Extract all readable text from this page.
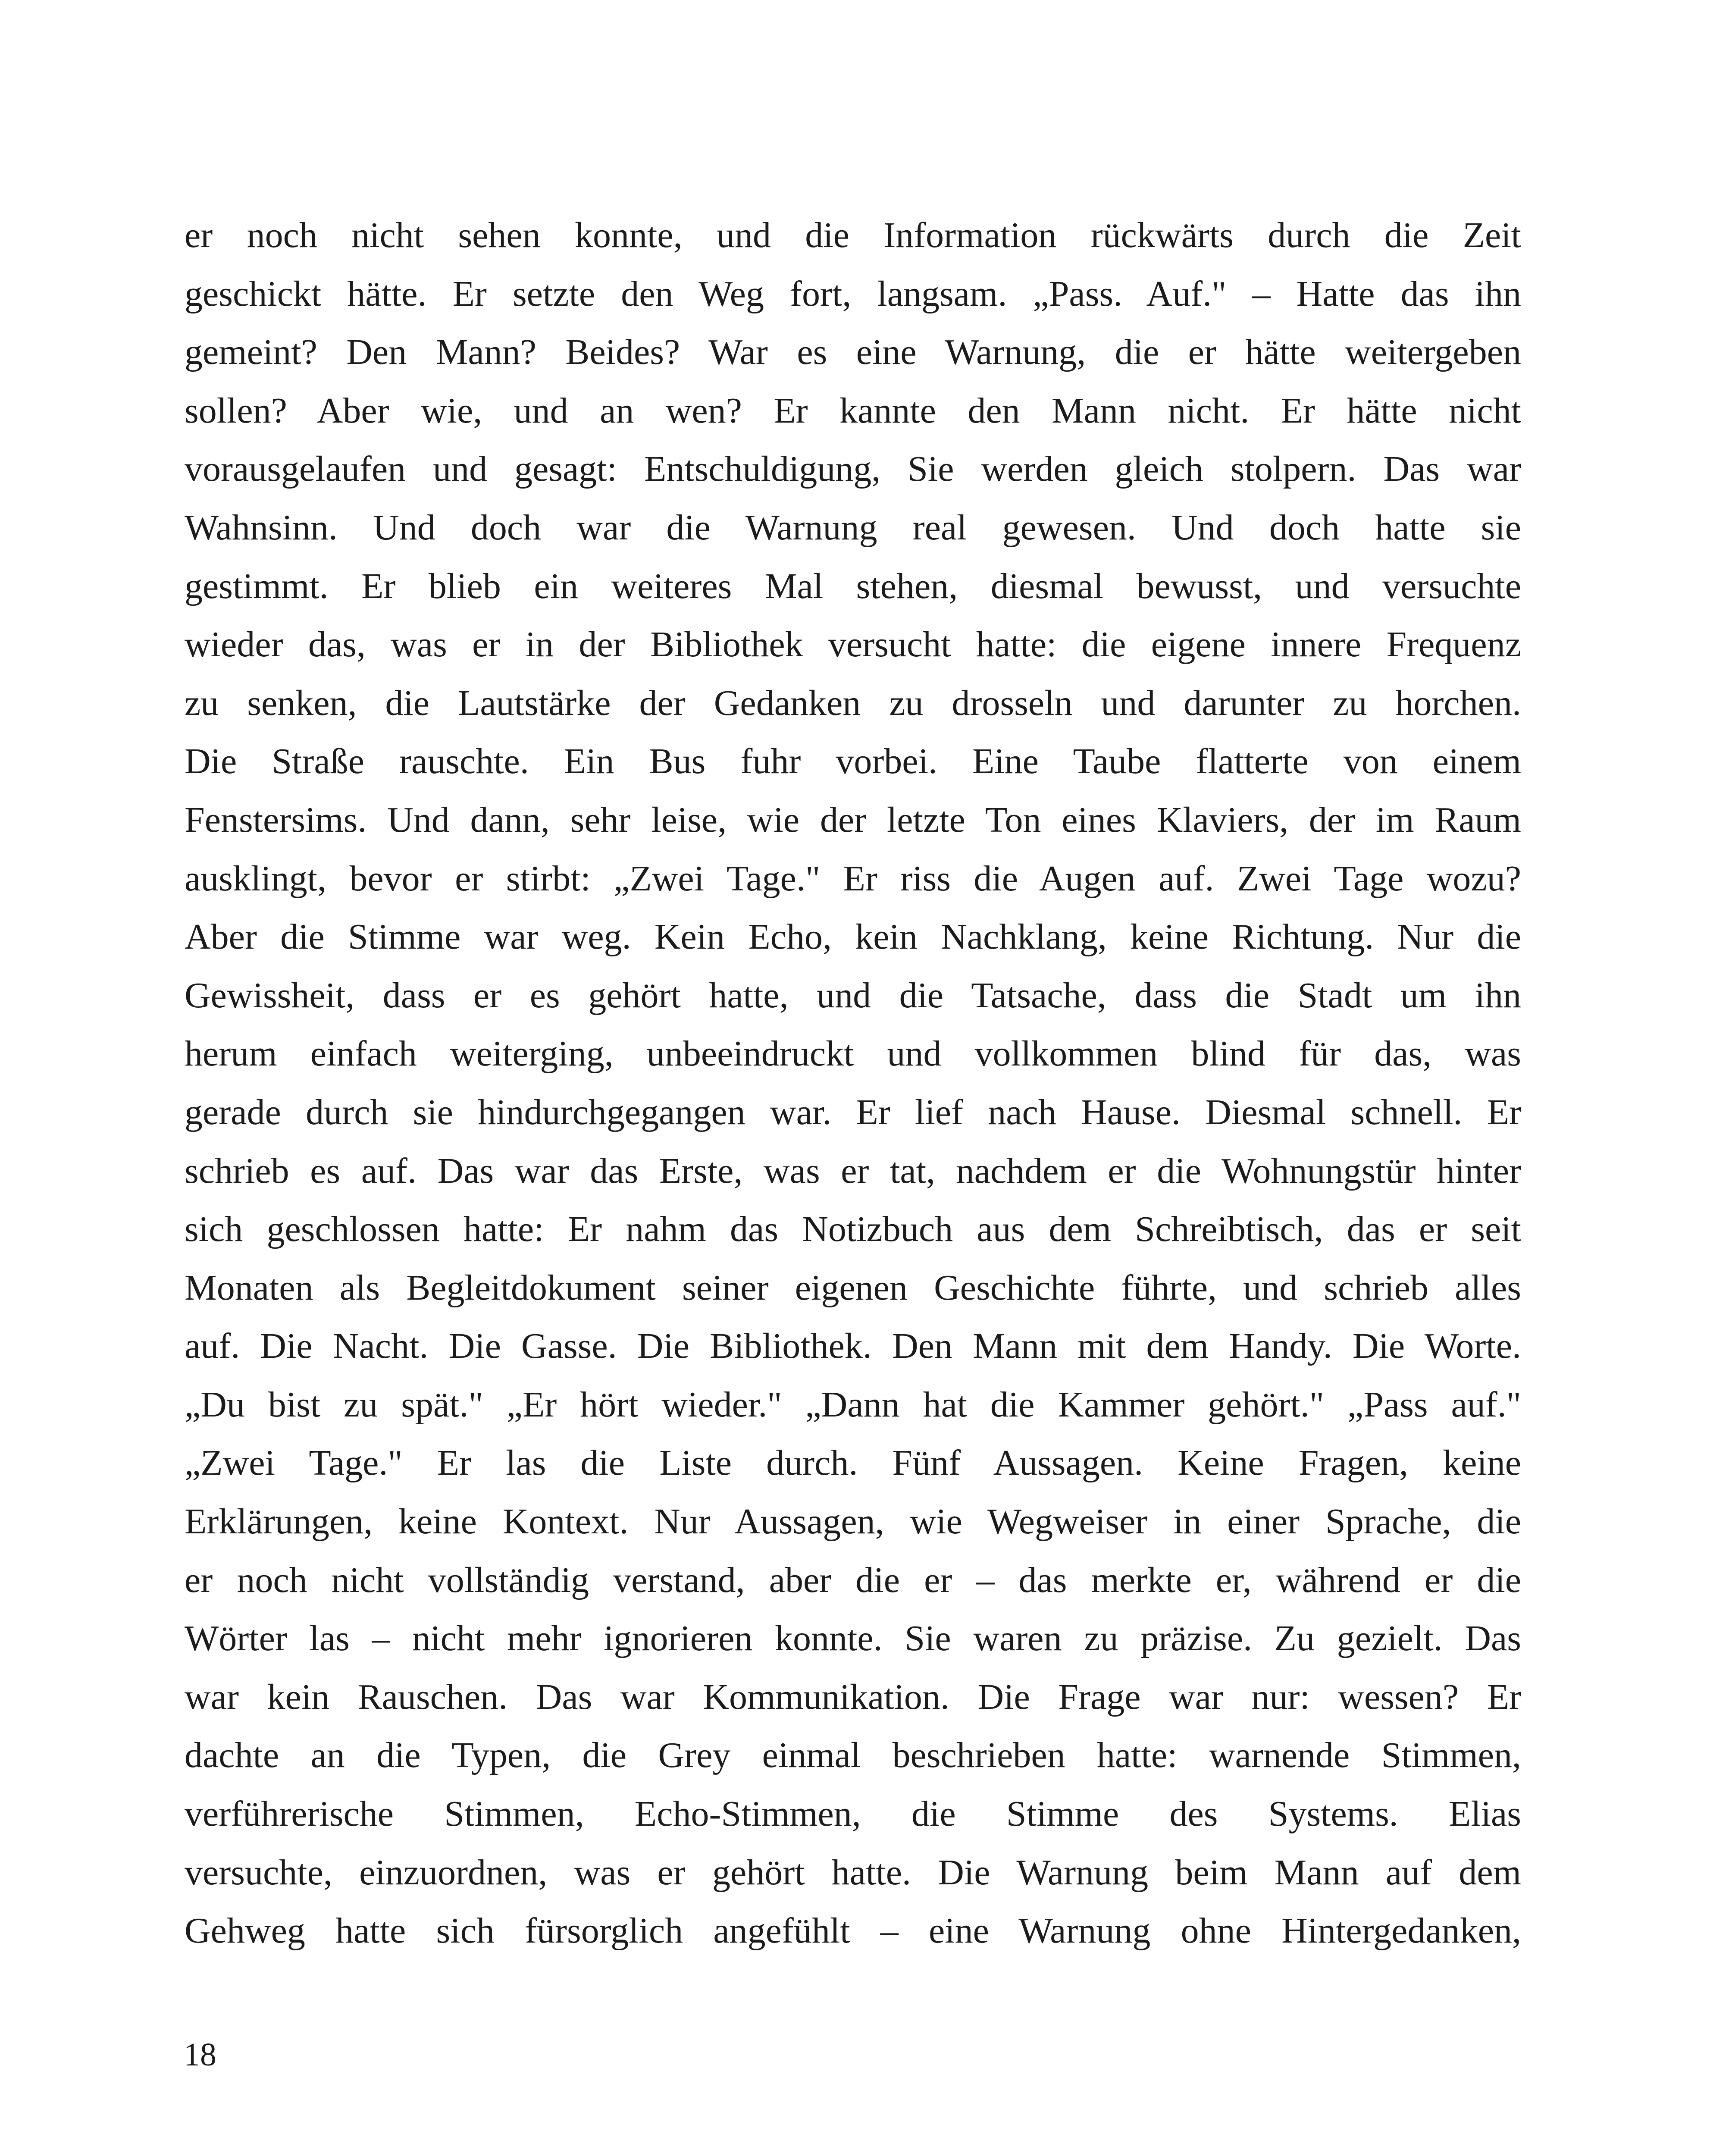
er noch nicht sehen konnte, und die Information rückwärts durch die Zeit
geschickt hätte. Er setzte den Weg fort, langsam. „Pass. Auf." – Hatte das ihn
gemeint? Den Mann? Beides? War es eine Warnung, die er hätte weitergeben
sollen? Aber wie, und an wen? Er kannte den Mann nicht. Er hätte nicht
vorausgelaufen und gesagt: Entschuldigung, Sie werden gleich stolpern. Das war
Wahnsinn. Und doch war die Warnung real gewesen. Und doch hatte sie
gestimmt. Er blieb ein weiteres Mal stehen, diesmal bewusst, und versuchte
wieder das, was er in der Bibliothek versucht hatte: die eigene innere Frequenz
zu senken, die Lautstärke der Gedanken zu drosseln und darunter zu horchen.
Die Straße rauschte. Ein Bus fuhr vorbei. Eine Taube flatterte von einem
Fenstersims. Und dann, sehr leise, wie der letzte Ton eines Klaviers, der im Raum
ausklingt, bevor er stirbt: „Zwei Tage." Er riss die Augen auf. Zwei Tage wozu?
Aber die Stimme war weg. Kein Echo, kein Nachklang, keine Richtung. Nur die
Gewissheit, dass er es gehört hatte, und die Tatsache, dass die Stadt um ihn
herum einfach weiterging, unbeeindruckt und vollkommen blind für das, was
gerade durch sie hindurchgegangen war. Er lief nach Hause. Diesmal schnell. Er
schrieb es auf. Das war das Erste, was er tat, nachdem er die Wohnungstür hinter
sich geschlossen hatte: Er nahm das Notizbuch aus dem Schreibtisch, das er seit
Monaten als Begleitdokument seiner eigenen Geschichte führte, und schrieb alles
auf. Die Nacht. Die Gasse. Die Bibliothek. Den Mann mit dem Handy. Die Worte.
„Du bist zu spät." „Er hört wieder." „Dann hat die Kammer gehört." „Pass auf."
„Zwei Tage." Er las die Liste durch. Fünf Aussagen. Keine Fragen, keine
Erklärungen, keine Kontext. Nur Aussagen, wie Wegweiser in einer Sprache, die
er noch nicht vollständig verstand, aber die er – das merkte er, während er die
Wörter las – nicht mehr ignorieren konnte. Sie waren zu präzise. Zu gezielt. Das
war kein Rauschen. Das war Kommunikation. Die Frage war nur: wessen? Er
dachte an die Typen, die Grey einmal beschrieben hatte: warnende Stimmen,
verführerische Stimmen, Echo-Stimmen, die Stimme des Systems. Elias
versuchte, einzuordnen, was er gehört hatte. Die Warnung beim Mann auf dem
Gehweg hatte sich fürsorglich angefühlt – eine Warnung ohne Hintergedanken,
18
